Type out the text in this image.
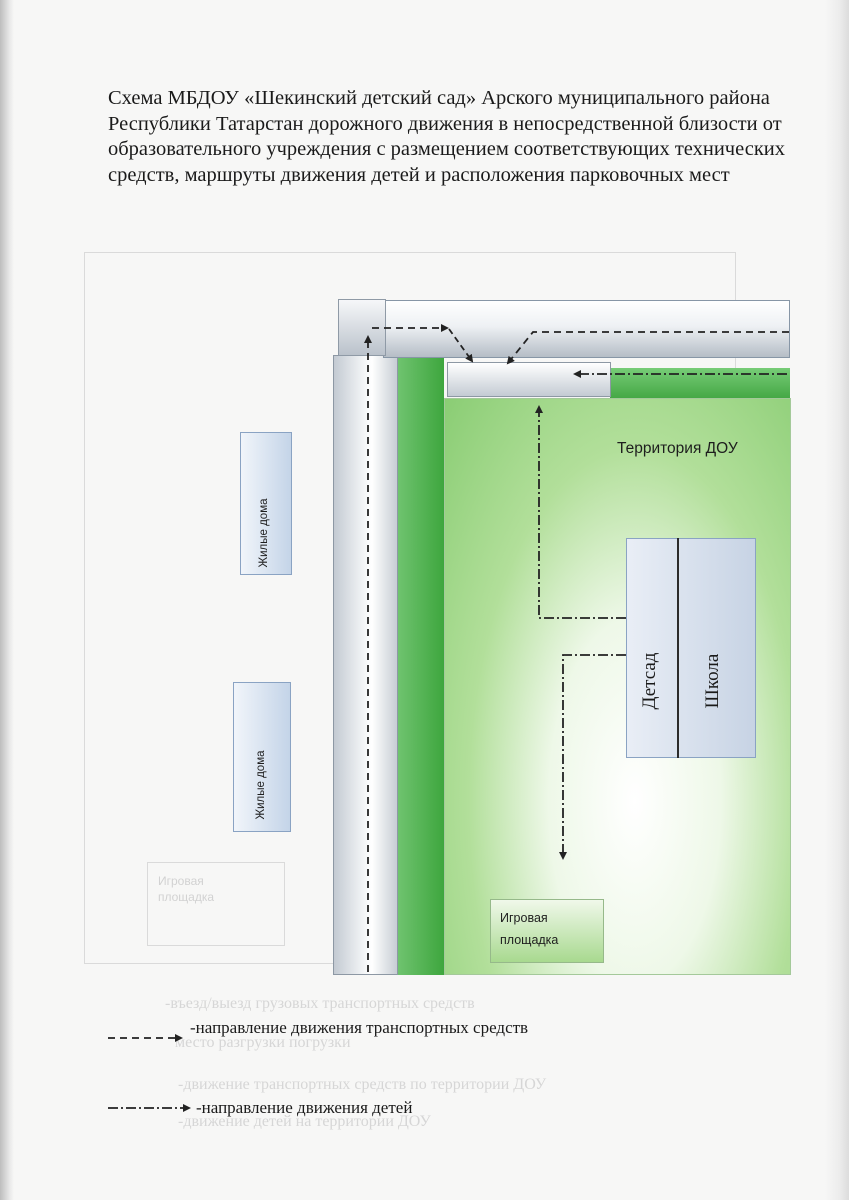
Схема МБДОУ «Шекинский детский сад» Арского муниципального района Республики Татарстан дорожного движения в непосредственной близости от образовательного учреждения с размещением соответствующих технических средств, маршруты движения детей и расположения парковочных мест

Игровая площадка
-въезд/выезд грузовых транспортных средств
место разгрузки погрузки
-движение транспортных средств по территории ДОУ
-движение детей на территории ДОУ
Территория ДОУ
Жилые дома
Жилые дома
Детсад Школа
Игровая площадка
-направление движения транспортных средств
-направление движения детей
